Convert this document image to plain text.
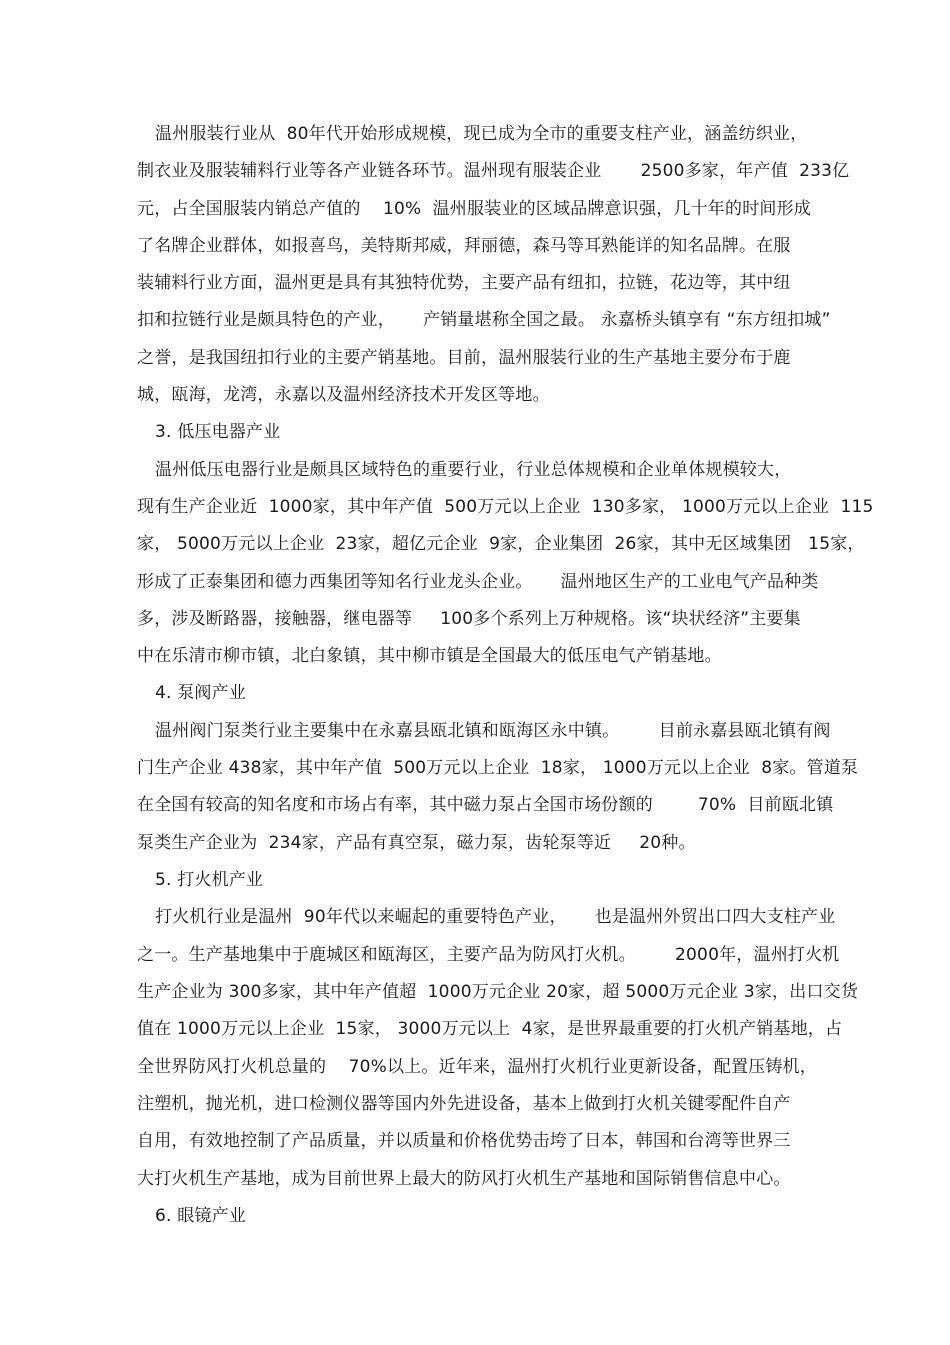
温州服装行业从  80年代开始形成规模，现已成为全市的重要支柱产业，涵盖纺织业，
制衣业及服装辅料行业等各产业链各环节。温州现有服装企业       2500多家，年产值  233亿
元，占全国服装内销总产值的    10%  温州服装业的区域品牌意识强，几十年的时间形成
了名牌企业群体，如报喜鸟，美特斯邦威，拜丽德，森马等耳熟能详的知名品牌。在服
装辅料行业方面，温州更是具有其独特优势，主要产品有纽扣，拉链，花边等，其中纽
扣和拉链行业是颇具特色的产业，     产销量堪称全国之最。 永嘉桥头镇享有 “东方纽扣城”
之誉，是我国纽扣行业的主要产销基地。目前，温州服装行业的生产基地主要分布于鹿
城，瓯海，龙湾，永嘉以及温州经济技术开发区等地。
3. 低压电器产业
温州低压电器行业是颇具区域特色的重要行业，行业总体规模和企业单体规模较大，
现有生产企业近  1000家，其中年产值  500万元以上企业  130多家， 1000万元以上企业  115
家， 5000万元以上企业  23家，超亿元企业  9家，企业集团  26家，其中无区域集团   15家，
形成了正泰集团和德力西集团等知名行业龙头企业。     温州地区生产的工业电气产品种类
多，涉及断路器，接触器，继电器等     100多个系列上万种规格。该“块状经济”主要集
中在乐清市柳市镇，北白象镇，其中柳市镇是全国最大的低压电气产销基地。
4. 泵阀产业
温州阀门泵类行业主要集中在永嘉县瓯北镇和瓯海区永中镇。       目前永嘉县瓯北镇有阀
门生产企业 438家，其中年产值  500万元以上企业  18家， 1000万元以上企业  8家。管道泵
在全国有较高的知名度和市场占有率，其中磁力泵占全国市场份额的        70%  目前瓯北镇
泵类生产企业为  234家，产品有真空泵，磁力泵，齿轮泵等近     20种。
5. 打火机产业
打火机行业是温州  90年代以来崛起的重要特色产业，     也是温州外贸出口四大支柱产业
之一。生产基地集中于鹿城区和瓯海区，主要产品为防风打火机。       2000年，温州打火机
生产企业为 300多家，其中年产值超  1000万元企业 20家，超 5000万元企业 3家，出口交货
值在 1000万元以上企业  15家， 3000万元以上  4家，是世界最重要的打火机产销基地，占
全世界防风打火机总量的    70%以上。近年来，温州打火机行业更新设备，配置压铸机，
注塑机，抛光机，进口检测仪器等国内外先进设备，基本上做到打火机关键零配件自产
自用，有效地控制了产品质量，并以质量和价格优势击垮了日本，韩国和台湾等世界三
大打火机生产基地，成为目前世界上最大的防风打火机生产基地和国际销售信息中心。
6. 眼镜产业
